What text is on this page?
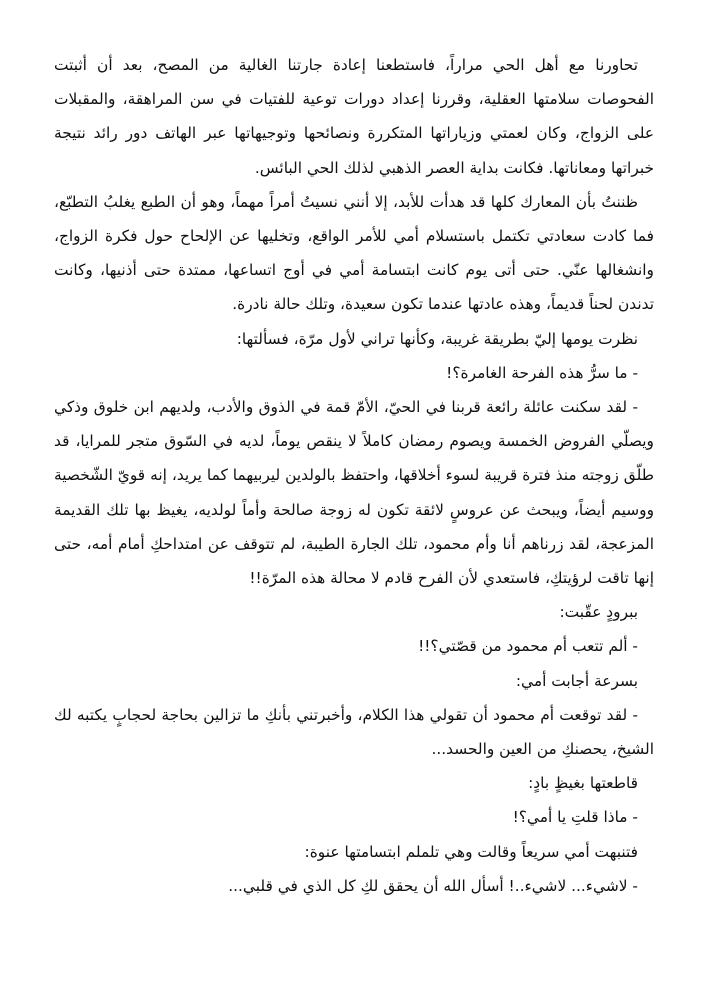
تحاورنا مع أهل الحي مراراً، فاستطعنا إعادة جارتنا الغالية من المصح، بعد أن أثبتت الفحوصات سلامتها العقلية، وقررنا إعداد دورات توعية للفتيات في سن المراهقة، والمقبلات على الزواج، وكان لعمتي وزياراتها المتكررة ونصائحها وتوجيهاتها عبر الهاتف دور رائد نتيجة خبراتها ومعاناتها. فكانت بداية العصر الذهبي لذلك الحي البائس.

ظننتُ بأن المعارك كلها قد هدأت للأبد، إلا أنني نسيتُ أمراً مهماً، وهو أن الطبع يغلبُ التطبّع، فما كادت سعادتي تكتمل باستسلام أمي للأمر الواقع، وتخليها عن الإلحاح حول فكرة الزواج، وانشغالها عنّي. حتى أتى يوم كانت ابتسامة أمي في أوج اتساعها، ممتدة حتى أذنيها، وكانت تدندن لحناً قديماً، وهذه عادتها عندما تكون سعيدة، وتلك حالة نادرة.

نظرت يومها إليّ بطريقة غريبة، وكأنها تراني لأول مرّة، فسألتها:

- ما سرُّ هذه الفرحة الغامرة؟!

- لقد سكنت عائلة رائعة قربنا في الحيّ، الأمّ قمة في الذوق والأدب، ولديهم ابن خلوق وذكي ويصلّي الفروض الخمسة ويصوم رمضان كاملاً لا ينقص يوماً، لديه في السّوق متجر للمرايا، قد طلّق زوجته منذ فترة قريبة لسوء أخلاقها، واحتفظ بالولدين ليربيهما كما يريد، إنه قويّ الشّخصية ووسيم أيضاً، ويبحث عن عروسٍ لائقة تكون له زوجة صالحة وأماً لولديه، يغيظ بها تلك القديمة المزعجة، لقد زرناهم أنا وأم محمود، تلك الجارة الطيبة، لم تتوقف عن امتداحكِ أمام أمه، حتى إنها تاقت لرؤيتكِ، فاستعدي لأن الفرح قادم لا محالة هذه المرّة!!

ببرودٍ عقّبت:

- ألم تتعب أم محمود من قصّتي؟!!

بسرعة أجابت أمي:

- لقد توقعت أم محمود أن تقولي هذا الكلام، وأخبرتني بأنكِ ما تزالين بحاجة لحجابٍ يكتبه لك الشيخ، يحصنكِ من العين والحسد...

قاطعتها بغيظٍ بادٍ:

- ماذا قلتِ يا أمي؟!

فتنبهت أمي سريعاً وقالت وهي تلملم ابتسامتها عنوة:

- لاشيء... لاشيء..! أسأل الله أن يحقق لكِ كل الذي في قلبي...
